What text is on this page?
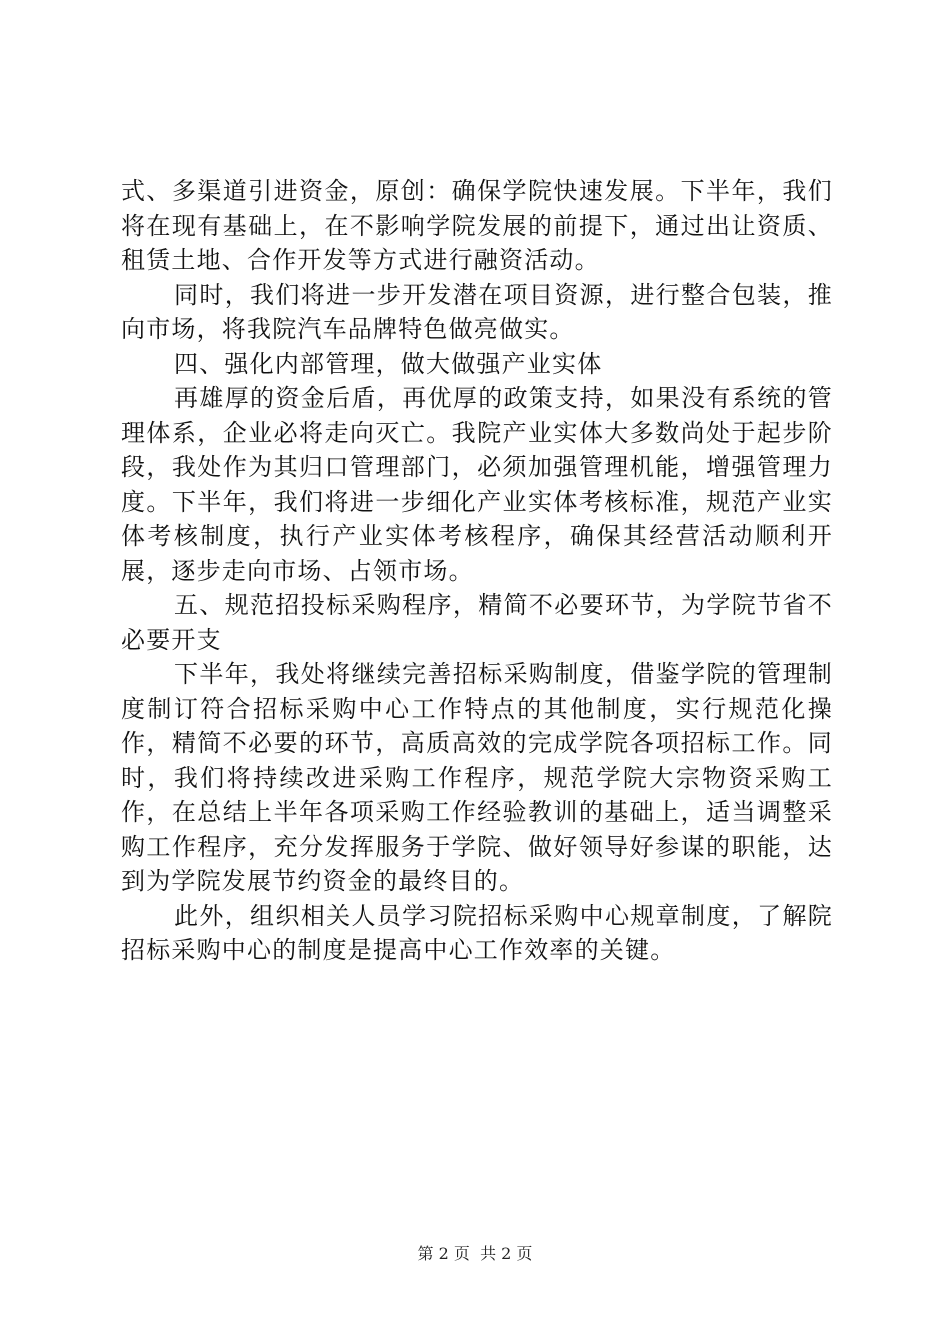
式、多渠道引进资金，原创：确保学院快速发展。下半年，我们将在现有基础上，在不影响学院发展的前提下，通过出让资质、租赁土地、合作开发等方式进行融资活动。

同时，我们将进一步开发潜在项目资源，进行整合包装，推向市场，将我院汽车品牌特色做亮做实。

四、强化内部管理，做大做强产业实体

再雄厚的资金后盾，再优厚的政策支持，如果没有系统的管理体系，企业必将走向灭亡。我院产业实体大多数尚处于起步阶段，我处作为其归口管理部门，必须加强管理机能，增强管理力度。下半年，我们将进一步细化产业实体考核标准，规范产业实体考核制度，执行产业实体考核程序，确保其经营活动顺利开展，逐步走向市场、占领市场。

五、规范招投标采购程序，精简不必要环节，为学院节省不必要开支

下半年，我处将继续完善招标采购制度，借鉴学院的管理制度制订符合招标采购中心工作特点的其他制度，实行规范化操作，精简不必要的环节，高质高效的完成学院各项招标工作。同时，我们将持续改进采购工作程序，规范学院大宗物资采购工作，在总结上半年各项采购工作经验教训的基础上，适当调整采购工作程序，充分发挥服务于学院、做好领导好参谋的职能，达到为学院发展节约资金的最终目的。

此外，组织相关人员学习院招标采购中心规章制度，了解院招标采购中心的制度是提高中心工作效率的关键。

第 2 页  共 2 页
